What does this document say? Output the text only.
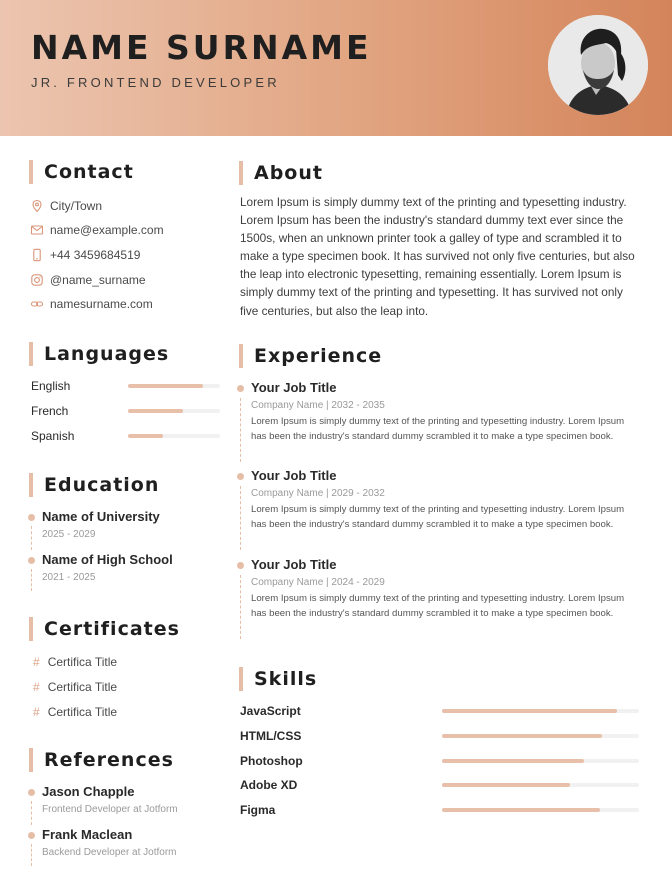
NAME SURNAME
JR. FRONTEND DEVELOPER
Contact
City/Town
name@example.com
+44 3459684519
@name_surname
namesurname.com
Languages
English
French
Spanish
Education
Name of University
2025 - 2029
Name of High School
2021 - 2025
Certificates
# Certifica Title
# Certifica Title
# Certifica Title
References
Jason Chapple
Frontend Developer at Jotform
Frank Maclean
Backend Developer at Jotform
About
Lorem Ipsum is simply dummy text of the printing and typesetting industry. Lorem Ipsum has been the industry's standard dummy text ever since the 1500s, when an unknown printer took a galley of type and scrambled it to make a type specimen book. It has survived not only five centuries, but also the leap into electronic typesetting, remaining essentially. Lorem Ipsum is simply dummy text of the printing and typesetting. It has survived not only five centuries, but also the leap into.
Experience
Your Job Title
Company Name | 2032 - 2035
Lorem Ipsum is simply dummy text of the printing and typesetting industry. Lorem Ipsum has been the industry's standard dummy scrambled it to make a type specimen book.
Your Job Title
Company Name | 2029 - 2032
Lorem Ipsum is simply dummy text of the printing and typesetting industry. Lorem Ipsum has been the industry's standard dummy scrambled it to make a type specimen book.
Your Job Title
Company Name | 2024 - 2029
Lorem Ipsum is simply dummy text of the printing and typesetting industry. Lorem Ipsum has been the industry's standard dummy scrambled it to make a type specimen book.
Skills
JavaScript
HTML/CSS
Photoshop
Adobe XD
Figma
